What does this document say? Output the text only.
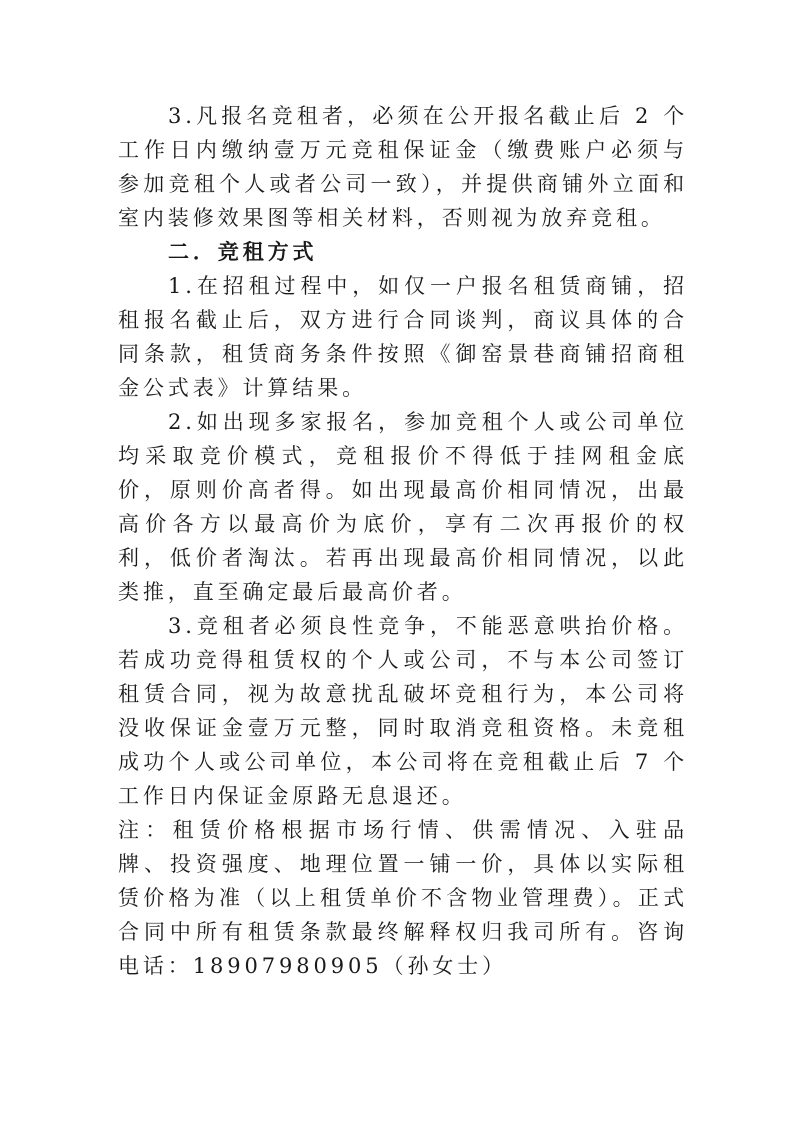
3.凡报名竞租者，必须在公开报名截止后 2 个工作日内缴纳壹万元竞租保证金（缴费账户必须与参加竞租个人或者公司一致），并提供商铺外立面和室内装修效果图等相关材料，否则视为放弃竞租。

二．竞租方式

1.在招租过程中，如仅一户报名租赁商铺，招租报名截止后，双方进行合同谈判，商议具体的合同条款，租赁商务条件按照《御窑景巷商铺招商租金公式表》计算结果。

2.如出现多家报名，参加竞租个人或公司单位均采取竞价模式，竞租报价不得低于挂网租金底价，原则价高者得。如出现最高价相同情况，出最高价各方以最高价为底价，享有二次再报价的权利，低价者淘汰。若再出现最高价相同情况，以此类推，直至确定最后最高价者。

3.竞租者必须良性竞争，不能恶意哄抬价格。若成功竞得租赁权的个人或公司，不与本公司签订租赁合同，视为故意扰乱破坏竞租行为，本公司将没收保证金壹万元整，同时取消竞租资格。未竞租成功个人或公司单位，本公司将在竞租截止后 7 个工作日内保证金原路无息退还。

注：租赁价格根据市场行情、供需情况、入驻品牌、投资强度、地理位置一铺一价，具体以实际租赁价格为准（以上租赁单价不含物业管理费）。正式合同中所有租赁条款最终解释权归我司所有。咨询电话：18907980905（孙女士）
